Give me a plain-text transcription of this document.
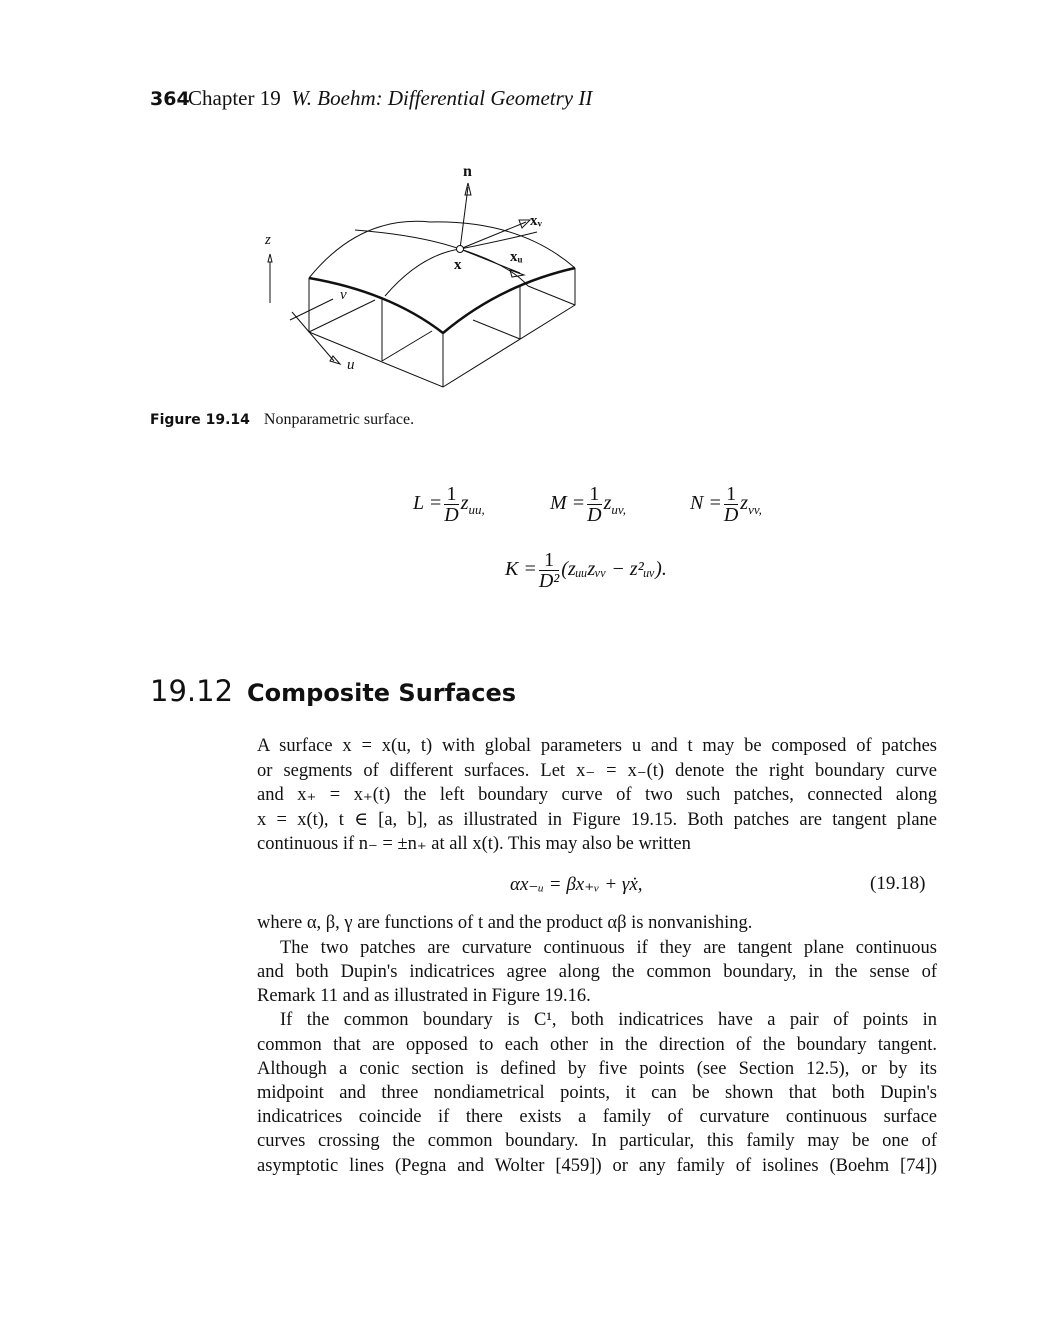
364
Chapter 19 W. Boehm: Differential Geometry II
n
xᵥ
xᵤ
x
z
v
u
Figure 19.14 Nonparametric surface.
$L = \frac{1}{D} z_{uu,}$	$M = \frac{1}{D} z_{uv,}$	$N = \frac{1}{D} z_{vv,}$
$K = \frac{1}{\text{D²}}$ (zᵤᵤzᵥᵥ − z²ᵤᵥ).
19.12 Composite Surfaces
A surface x = x(u, t) with global parameters u and t may be composed of patches
or segments of different surfaces. Let x₋ = x₋(t) denote the right boundary curve
and x₊ = x₊(t) the left boundary curve of two such patches, connected along
x = x(t), t ∈ [a, b], as illustrated in Figure 19.15. Both patches are tangent plane
continuous if n₋ = ±n₊ at all x(t). This may also be written
αx₋ᵤ = βx₊ᵥ + γẋ,	(19.18)
where α, β, γ are functions of t and the product αβ is nonvanishing.
The two patches are curvature continuous if they are tangent plane continuous
and both Dupin's indicatrices agree along the common boundary, in the sense of
Remark 11 and as illustrated in Figure 19.16.
If the common boundary is C¹, both indicatrices have a pair of points in
common that are opposed to each other in the direction of the boundary tangent.
Although a conic section is defined by five points (see Section 12.5), or by its
midpoint and three nondiametrical points, it can be shown that both Dupin's
indicatrices coincide if there exists a family of curvature continuous surface
curves crossing the common boundary. In particular, this family may be one of
asymptotic lines (Pegna and Wolter [459]) or any family of isolines (Boehm [74])
